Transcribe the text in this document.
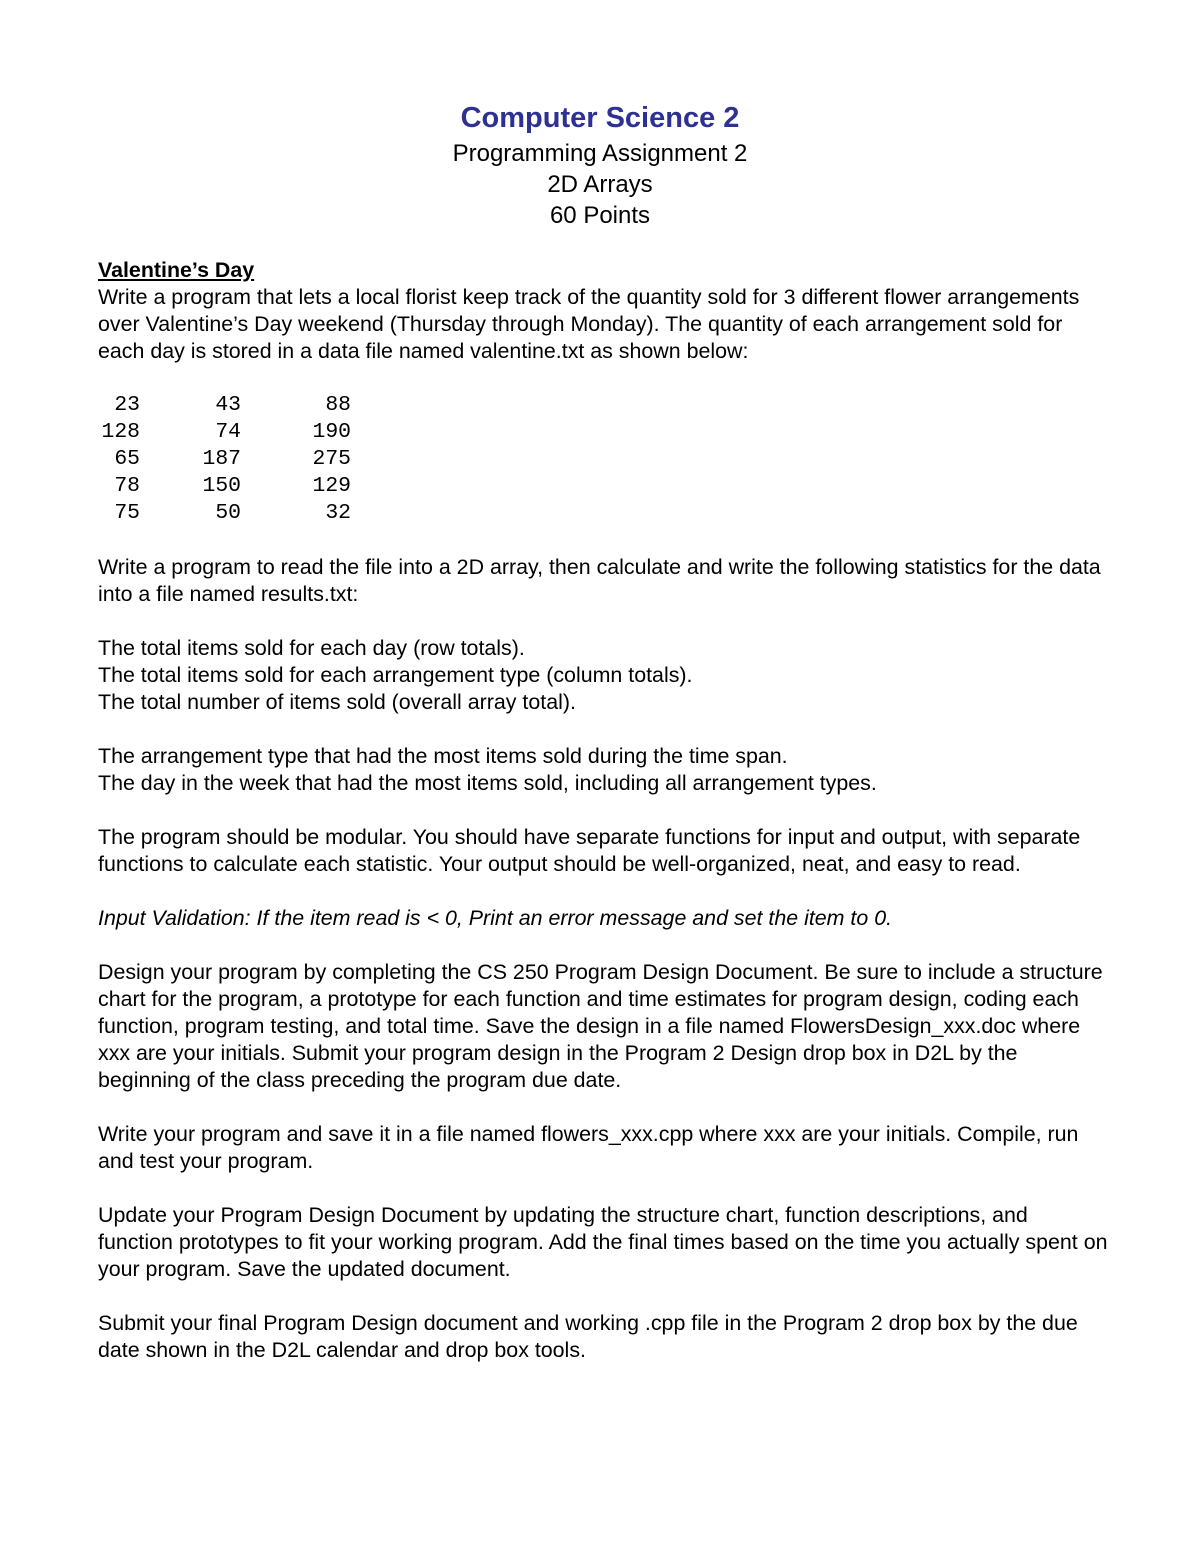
Computer Science 2

Programming Assignment 2

2D Arrays

60 Points

Valentine’s Day

Write a program that lets a local florist keep track of the quantity sold for 3 different flower arrangements over Valentine’s Day weekend (Thursday through Monday). The quantity of each arrangement sold for each day is stored in a data file named valentine.txt as shown below:

23	43	88
128	74	190
65	187	275
78	150	129
75	50	32

Write a program to read the file into a 2D array, then calculate and write the following statistics for the data into a file named results.txt:

The total items sold for each day (row totals).

The total items sold for each arrangement type (column totals).

The total number of items sold (overall array total).

The arrangement type that had the most items sold during the time span.

The day in the week that had the most items sold, including all arrangement types.

The program should be modular. You should have separate functions for input and output, with separate functions to calculate each statistic. Your output should be well-organized, neat, and easy to read.

Input Validation: If the item read is < 0, Print an error message and set the item to 0.

Design your program by completing the CS 250 Program Design Document. Be sure to include a structure chart for the program, a prototype for each function and time estimates for program design, coding each function, program testing, and total time. Save the design in a file named FlowersDesign_xxx.doc where xxx are your initials. Submit your program design in the Program 2 Design drop box in D2L by the beginning of the class preceding the program due date.

Write your program and save it in a file named flowers_xxx.cpp where xxx are your initials. Compile, run and test your program.

Update your Program Design Document by updating the structure chart, function descriptions, and function prototypes to fit your working program. Add the final times based on the time you actually spent on your program. Save the updated document.

Submit your final Program Design document and working .cpp file in the Program 2 drop box by the due date shown in the D2L calendar and drop box tools.
